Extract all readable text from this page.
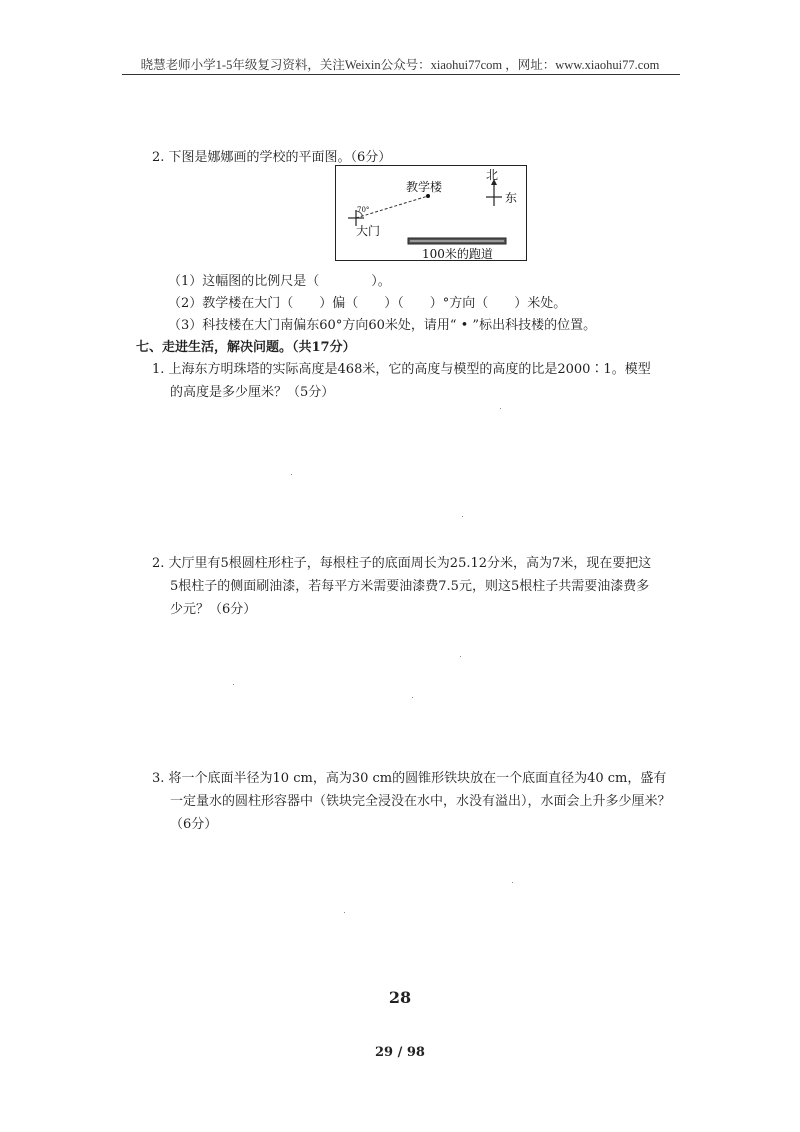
晓慧老师小学1-5年级复习资料，关注Weixin公众号：xiaohui77com ，网址：www.xiaohui77.com
2. 下图是娜娜画的学校的平面图。（6分）
教学楼
大门
70°
北
东
100米的跑道
（1）这幅图的比例尺是（　　　　）。
（2）教学楼在大门（　　）偏（　　）（　　）°方向（　　）米处。
（3）科技楼在大门南偏东60°方向60米处，请用“ • ”标出科技楼的位置。
七、走进生活，解决问题。（共17分）
1. 上海东方明珠塔的实际高度是468米，它的高度与模型的高度的比是2000∶1。模型
的高度是多少厘米？（5分）
2. 大厅里有5根圆柱形柱子，每根柱子的底面周长为25.12分米，高为7米，现在要把这
5根柱子的侧面刷油漆，若每平方米需要油漆费7.5元，则这5根柱子共需要油漆费多
少元？（6分）
3. 将一个底面半径为10 cm，高为30 cm的圆锥形铁块放在一个底面直径为40 cm，盛有
一定量水的圆柱形容器中（铁块完全浸没在水中，水没有溢出），水面会上升多少厘米？
（6分）
28
29 / 98
